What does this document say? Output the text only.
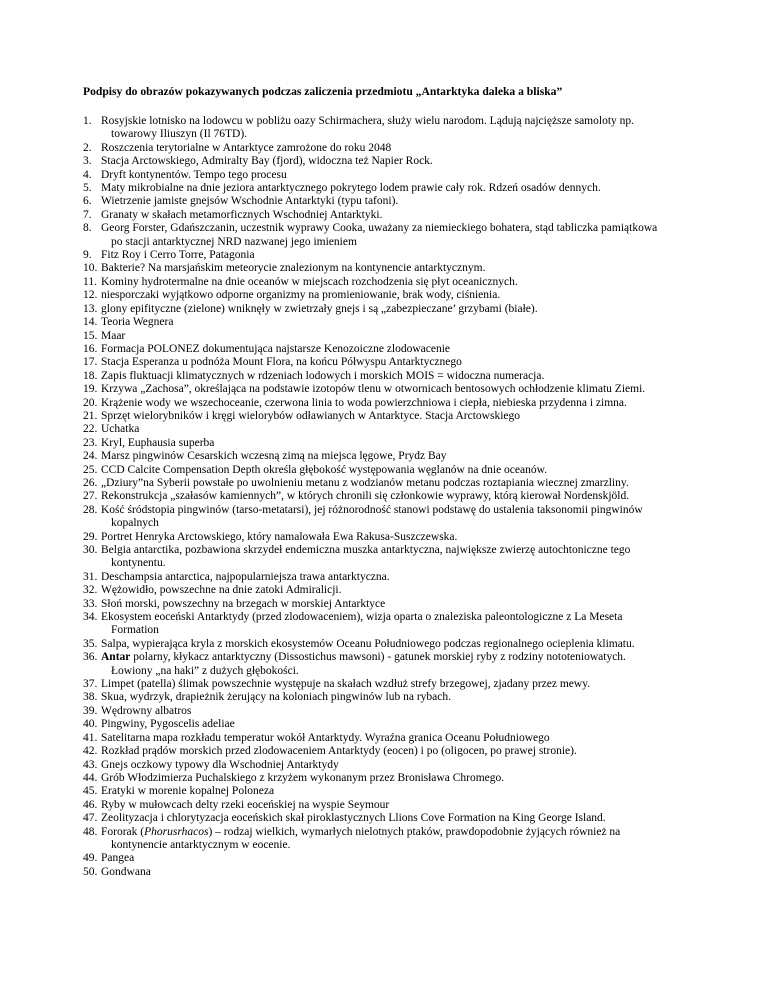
Podpisy do obrazów pokazywanych podczas zaliczenia przedmiotu „Antarktyka daleka a bliska”
1. Rosyjskie lotnisko na lodowcu w pobliżu oazy Schirmachera, służy wielu narodom. Lądują najcięższe samoloty np.
towarowy Iliuszyn (Il 76TD).
2. Roszczenia terytorialne w Antarktyce zamrożone do roku 2048
3. Stacja Arctowskiego, Admiralty Bay (fjord), widoczna też Napier Rock.
4. Dryft kontynentów. Tempo tego procesu
5. Maty mikrobialne na dnie jeziora antarktycznego pokrytego lodem prawie cały rok. Rdzeń osadów dennych.
6. Wietrzenie jamiste gnejsów Wschodnie Antarktyki (typu tafoni).
7. Granaty w skałach metamorficznych Wschodniej Antarktyki.
8. Georg Forster, Gdańszczanin, uczestnik wyprawy Cooka, uważany za niemieckiego bohatera, stąd tabliczka pamiątkowa
po stacji antarktycznej NRD nazwanej jego imieniem
9. Fitz Roy i Cerro Torre, Patagonia
10. Bakterie? Na marsjańskim meteorycie znalezionym na kontynencie antarktycznym.
11. Kominy hydrotermalne na dnie oceanów w miejscach rozchodzenia się płyt oceanicznych.
12. niesporczaki wyjątkowo odporne organizmy na promieniowanie, brak wody, ciśnienia.
13. glony epifityczne (zielone) wniknęły w zwietrzały gnejs i są „zabezpieczane’ grzybami (białe).
14. Teoria Wegnera
15. Maar
16. Formacja POLONEZ dokumentująca najstarsze Kenozoiczne zlodowacenie
17. Stacja Esperanza u podnóża Mount Flora, na końcu Półwyspu Antarktycznego
18. Zapis fluktuacji klimatycznych w rdzeniach lodowych i morskich MOIS = widoczna numeracja.
19. Krzywa „Zachosa”, określająca na podstawie izotopów tlenu w otwornicach bentosowych ochłodzenie klimatu Ziemi.
20. Krążenie wody we wszechoceanie, czerwona linia to woda powierzchniowa i ciepła, niebieska przydenna i zimna.
21. Sprzęt wielorybników i kręgi wielorybów odławianych w Antarktyce. Stacja Arctowskiego
22. Uchatka
23. Kryl, Euphausia superba
24. Marsz pingwinów Cesarskich wczesną zimą na miejsca lęgowe, Prydz Bay
25. CCD Calcite Compensation Depth określa głębokość występowania węglanów na dnie oceanów.
26. „Dziury”na Syberii powstałe po uwolnieniu metanu z wodzianów metanu podczas roztapiania wiecznej zmarzliny.
27. Rekonstrukcja „szałasów kamiennych”, w których chronili się członkowie wyprawy, którą kierował Nordenskjöld.
28. Kość śródstopia pingwinów (tarso-metatarsi), jej różnorodność stanowi podstawę do ustalenia taksonomii pingwinów
kopalnych
29. Portret Henryka Arctowskiego, który namalowała Ewa Rakusa-Suszczewska.
30. Belgia antarctika, pozbawiona skrzydeł endemiczna muszka antarktyczna, największe zwierzę autochtoniczne tego
kontynentu.
31. Deschampsia antarctica, najpopularniejsza trawa antarktyczna.
32. Wężowidło, powszechne na dnie zatoki Admiralicji.
33. Słoń morski, powszechny na brzegach w morskiej Antarktyce
34. Ekosystem eoceński Antarktydy (przed zlodowaceniem), wizja oparta o znaleziska paleontologiczne z La Meseta
Formation
35. Salpa, wypierająca kryla z morskich ekosystemów Oceanu Południowego podczas regionalnego ocieplenia klimatu.
36. Antar polarny, kłykacz antarktyczny (Dissostichus mawsoni) - gatunek morskiej ryby z rodziny nototeniowatych.
Łowiony „na haki” z dużych głębokości.
37. Limpet (patella) ślimak powszechnie występuje na skałach wzdłuż strefy brzegowej, zjadany przez mewy.
38. Skua, wydrzyk, drapieżnik żerujący na koloniach pingwinów lub na rybach.
39. Wędrowny albatros
40. Pingwiny, Pygoscelis adeliae
41. Satelitarna mapa rozkładu temperatur wokół Antarktydy. Wyraźna granica Oceanu Południowego
42. Rozkład prądów morskich przed zlodowaceniem Antarktydy (eocen) i po (oligocen, po prawej stronie).
43. Gnejs oczkowy typowy dla Wschodniej Antarktydy
44. Grób Włodzimierza Puchalskiego z krzyżem wykonanym przez Bronisława Chromego.
45. Eratyki w morenie kopalnej Poloneza
46. Ryby w mułowcach delty rzeki eoceńskiej na wyspie Seymour
47. Zeolityzacja i chlorytyzacja eoceńskich skał piroklastycznych Llions Cove Formation na King George Island.
48. Fororak (Phorusrhacos) – rodzaj wielkich, wymarłych nielotnych ptaków, prawdopodobnie żyjących również na
kontynencie antarktycznym w eocenie.
49. Pangea
50. Gondwana
